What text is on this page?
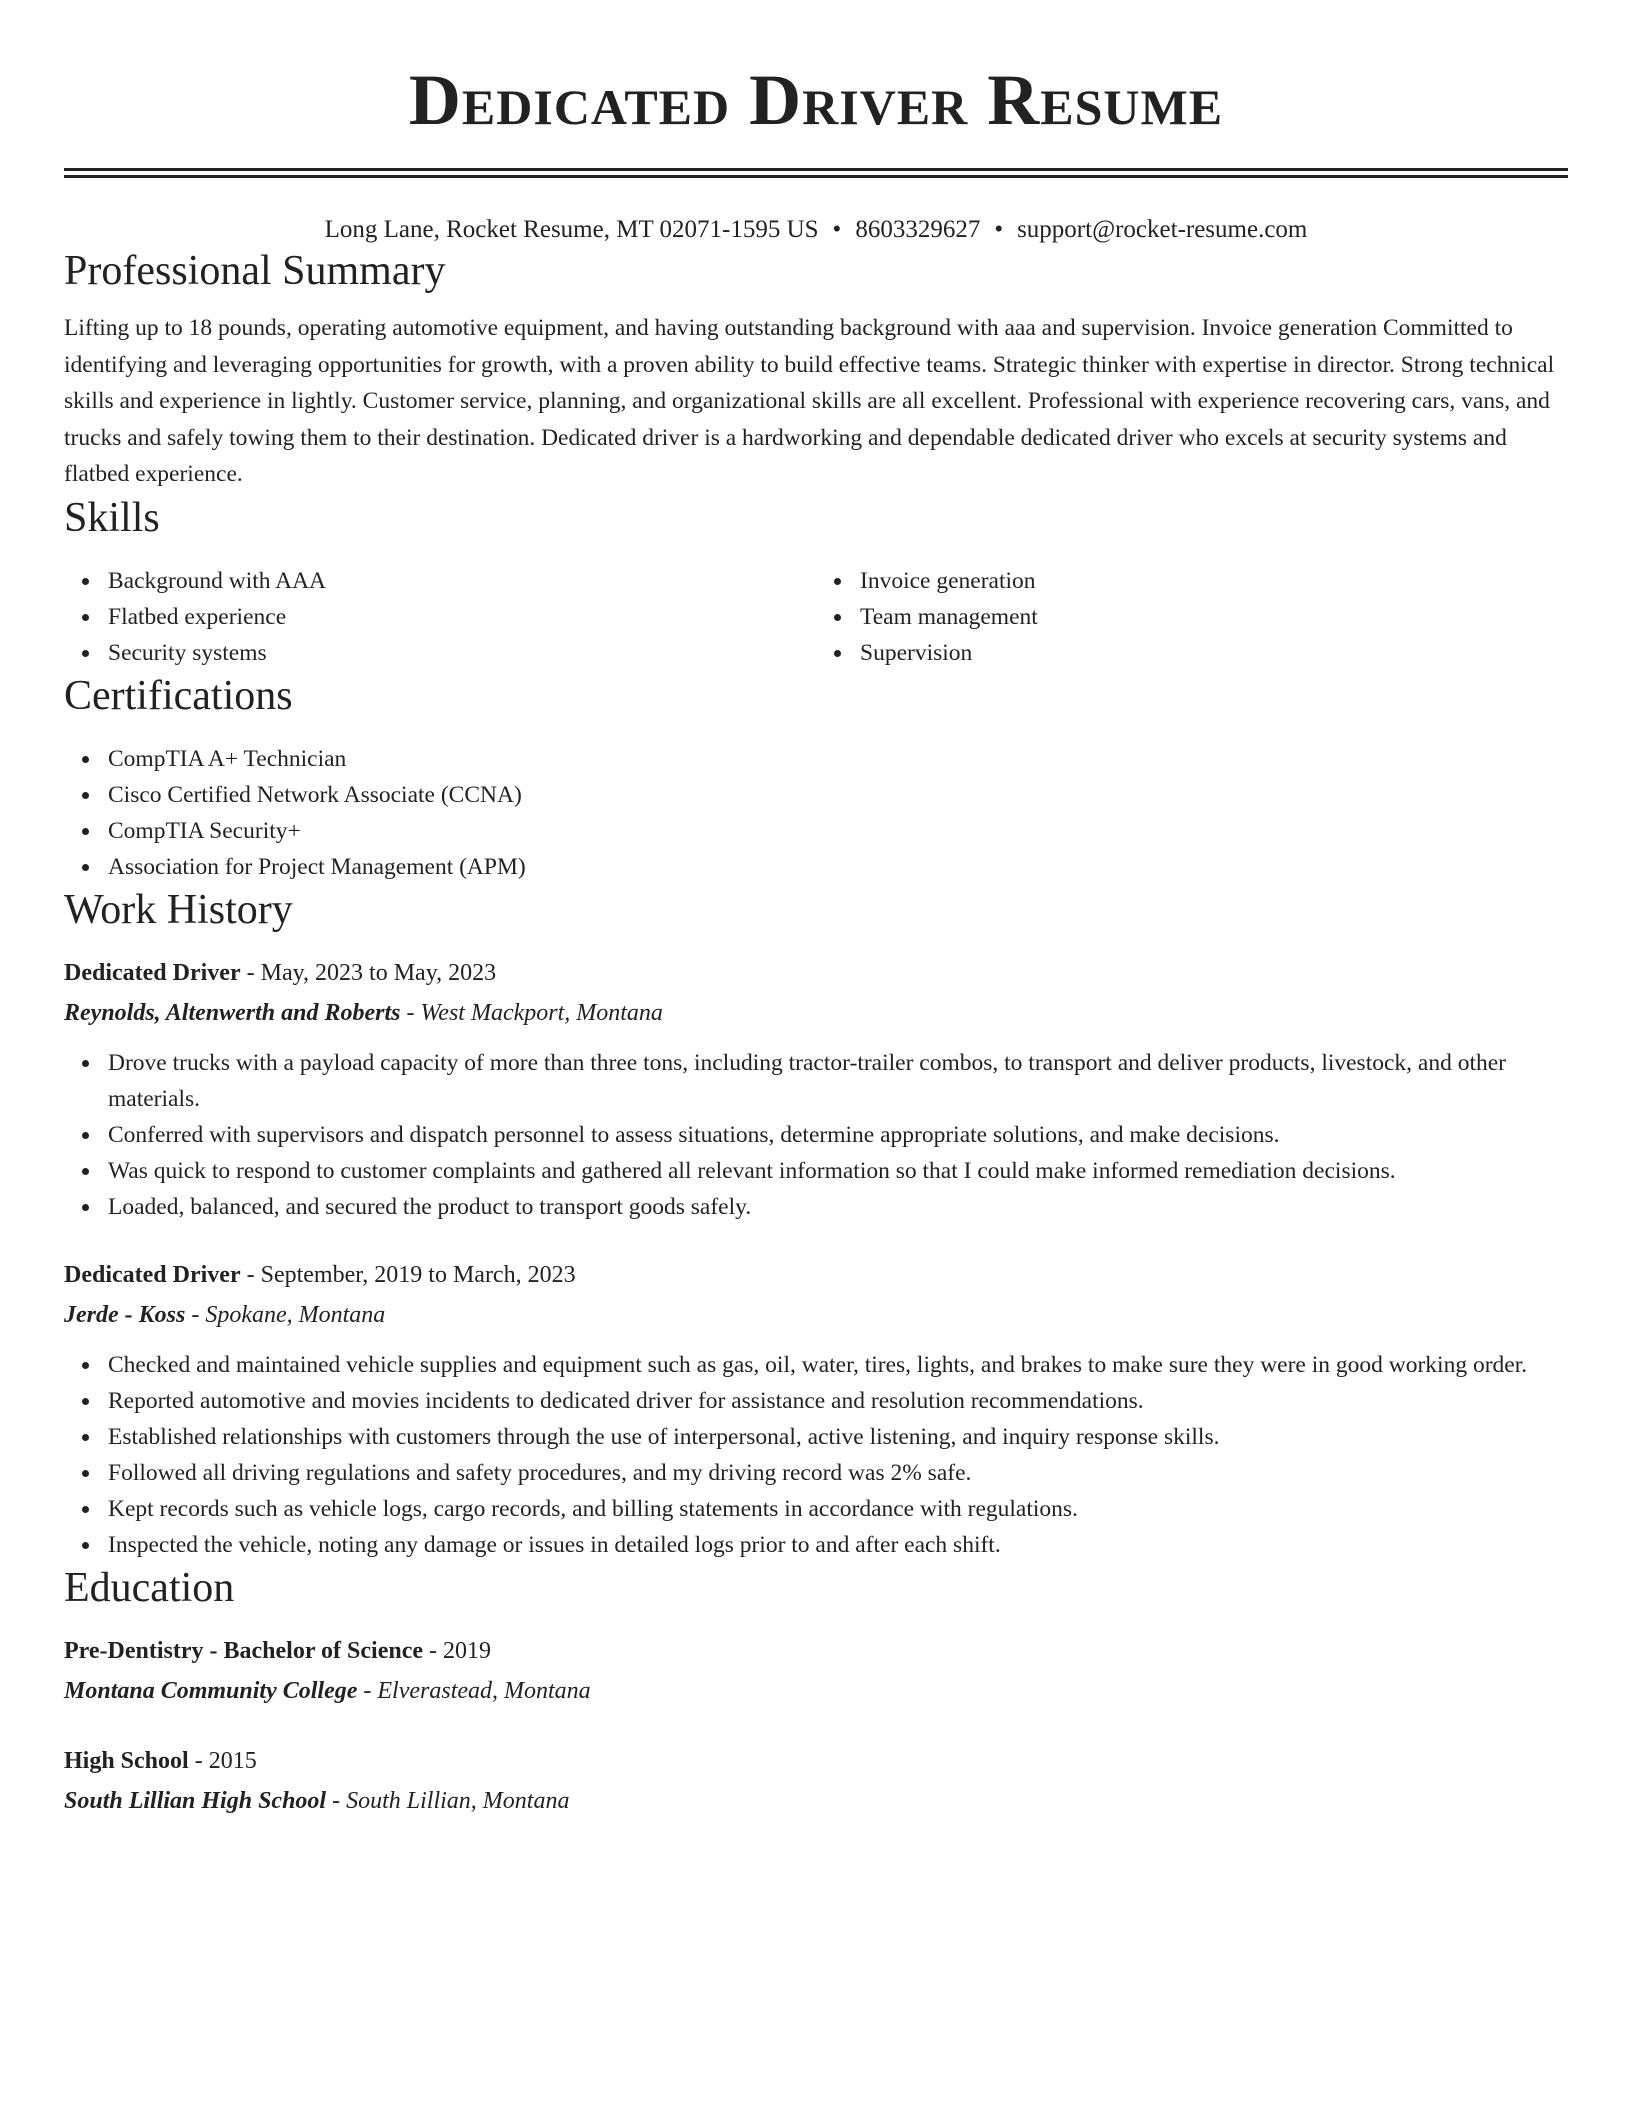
Dedicated Driver Resume
Long Lane, Rocket Resume, MT 02071-1595 US • 8603329627 • support@rocket-resume.com
Professional Summary
Lifting up to 18 pounds, operating automotive equipment, and having outstanding background with aaa and supervision. Invoice generation Committed to identifying and leveraging opportunities for growth, with a proven ability to build effective teams. Strategic thinker with expertise in director. Strong technical skills and experience in lightly. Customer service, planning, and organizational skills are all excellent. Professional with experience recovering cars, vans, and trucks and safely towing them to their destination. Dedicated driver is a hardworking and dependable dedicated driver who excels at security systems and flatbed experience.
Skills
Background with AAA
Flatbed experience
Security systems
Invoice generation
Team management
Supervision
Certifications
CompTIA A+ Technician
Cisco Certified Network Associate (CCNA)
CompTIA Security+
Association for Project Management (APM)
Work History
Dedicated Driver - May, 2023 to May, 2023
Reynolds, Altenwerth and Roberts - West Mackport, Montana
Drove trucks with a payload capacity of more than three tons, including tractor-trailer combos, to transport and deliver products, livestock, and other materials.
Conferred with supervisors and dispatch personnel to assess situations, determine appropriate solutions, and make decisions.
Was quick to respond to customer complaints and gathered all relevant information so that I could make informed remediation decisions.
Loaded, balanced, and secured the product to transport goods safely.
Dedicated Driver - September, 2019 to March, 2023
Jerde - Koss - Spokane, Montana
Checked and maintained vehicle supplies and equipment such as gas, oil, water, tires, lights, and brakes to make sure they were in good working order.
Reported automotive and movies incidents to dedicated driver for assistance and resolution recommendations.
Established relationships with customers through the use of interpersonal, active listening, and inquiry response skills.
Followed all driving regulations and safety procedures, and my driving record was 2% safe.
Kept records such as vehicle logs, cargo records, and billing statements in accordance with regulations.
Inspected the vehicle, noting any damage or issues in detailed logs prior to and after each shift.
Education
Pre-Dentistry - Bachelor of Science - 2019
Montana Community College - Elverastead, Montana
High School - 2015
South Lillian High School - South Lillian, Montana
